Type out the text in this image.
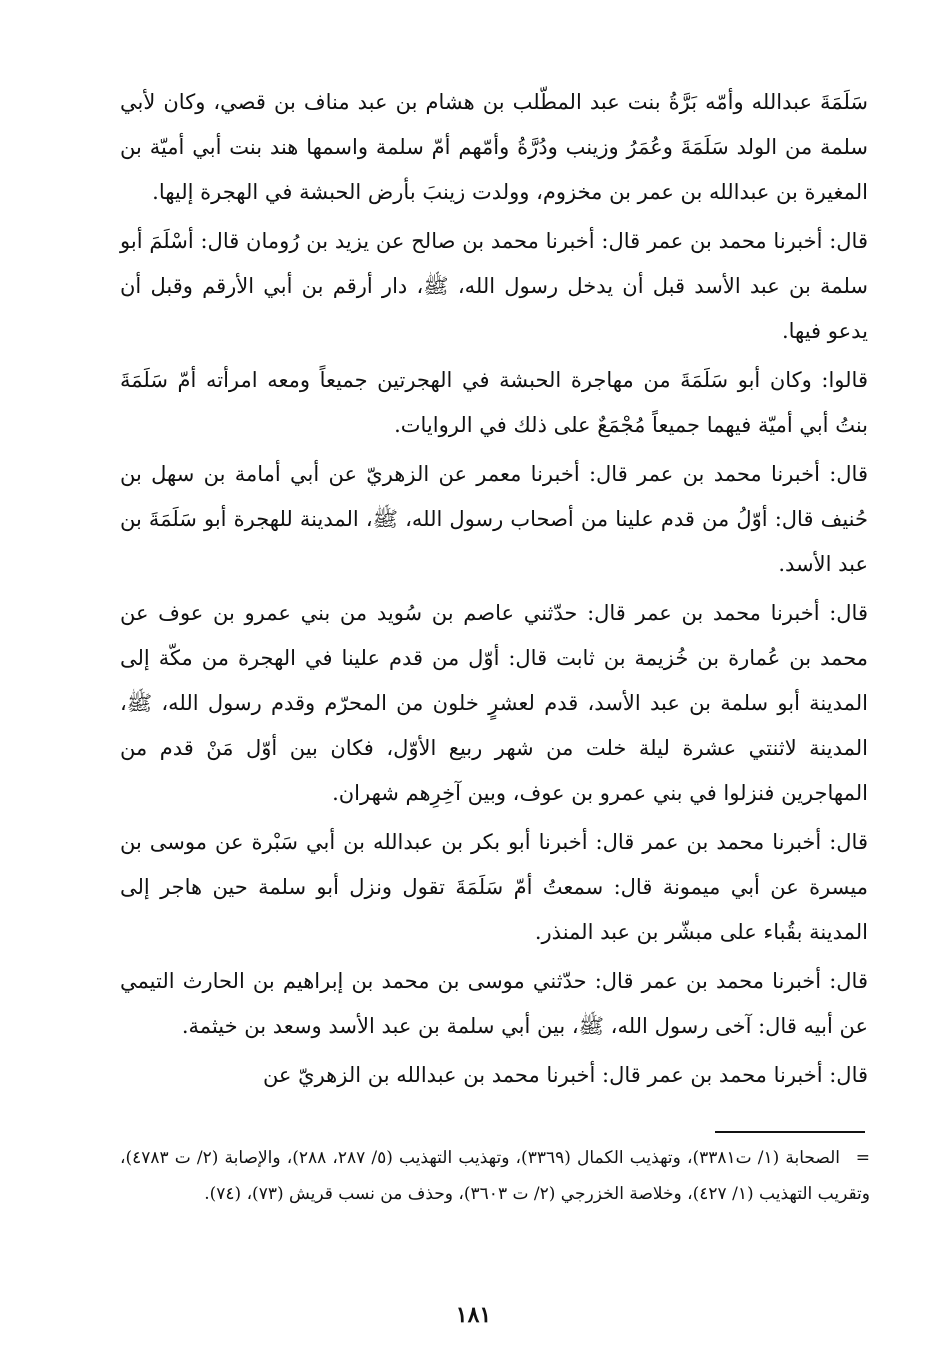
سَلَمَةَ عبدالله وأمّه بَرَّةُ بنت عبد المطّلب بن هشام بن عبد مناف بن قصي، وكان لأبي سلمة من الولد سَلَمَةَ وعُمَرُ وزينب ودُرَّةُ وأمّهم أمّ سلمة واسمها هند بنت أبي أميّة بن المغيرة بن عبدالله بن عمر بن مخزوم، وولدت زينبَ بأرض الحبشة في الهجرة إليها.

قال: أخبرنا محمد بن عمر قال: أخبرنا محمد بن صالح عن يزيد بن رُومان قال: أسْلَمَ أبو سلمة بن عبد الأسد قبل أن يدخل رسول الله، ﷺ، دار أرقم بن أبي الأرقم وقبل أن يدعو فيها.

قالوا: وكان أبو سَلَمَةَ من مهاجرة الحبشة في الهجرتين جميعاً ومعه امرأته أمّ سَلَمَةَ بنتُ أبي أميّة فيهما جميعاً مُجْمَعٌ على ذلك في الروايات.

قال: أخبرنا محمد بن عمر قال: أخبرنا معمر عن الزهريّ عن أبي أمامة بن سهل بن حُنيف قال: أوّلُ من قدم علينا من أصحاب رسول الله، ﷺ، المدينة للهجرة أبو سَلَمَةَ بن عبد الأسد.

قال: أخبرنا محمد بن عمر قال: حدّثني عاصم بن سُويد من بني عمرو بن عوف عن محمد بن عُمارة بن خُزيمة بن ثابت قال: أوّل من قدم علينا في الهجرة من مكّة إلى المدينة أبو سلمة بن عبد الأسد، قدم لعشرٍ خلون من المحرّم وقدم رسول الله، ﷺ، المدينة لاثنتي عشرة ليلة خلت من شهر ربيع الأوّل، فكان بين أوّل مَنْ قدم من المهاجرين فنزلوا في بني عمرو بن عوف، وبين آخِرِهم شهران.

قال: أخبرنا محمد بن عمر قال: أخبرنا أبو بكر بن عبدالله بن أبي سَبْرة عن موسى بن ميسرة عن أبي ميمونة قال: سمعتُ أمّ سَلَمَةَ تقول ونزل أبو سلمة حين هاجر إلى المدينة بقُباء على مبشّر بن عبد المنذر.

قال: أخبرنا محمد بن عمر قال: حدّثني موسى بن محمد بن إبراهيم بن الحارث التيمي عن أبيه قال: آخى رسول الله، ﷺ، بين أبي سلمة بن عبد الأسد وسعد بن خيثمة.

قال: أخبرنا محمد بن عمر قال: أخبرنا محمد بن عبدالله بن الزهريّ عن

=الصحابة (١/ ت٣٣٨١)، وتهذيب الكمال (٣٣٦٩)، وتهذيب التهذيب (٥/ ٢٨٧، ٢٨٨)، والإصابة (٢/ ت ٤٧٨٣)، وتقريب التهذيب (١/ ٤٢٧)، وخلاصة الخزرجي (٢/ ت ٣٦٠٣)، وحذف من نسب قريش (٧٣)، (٧٤).
١٨١
